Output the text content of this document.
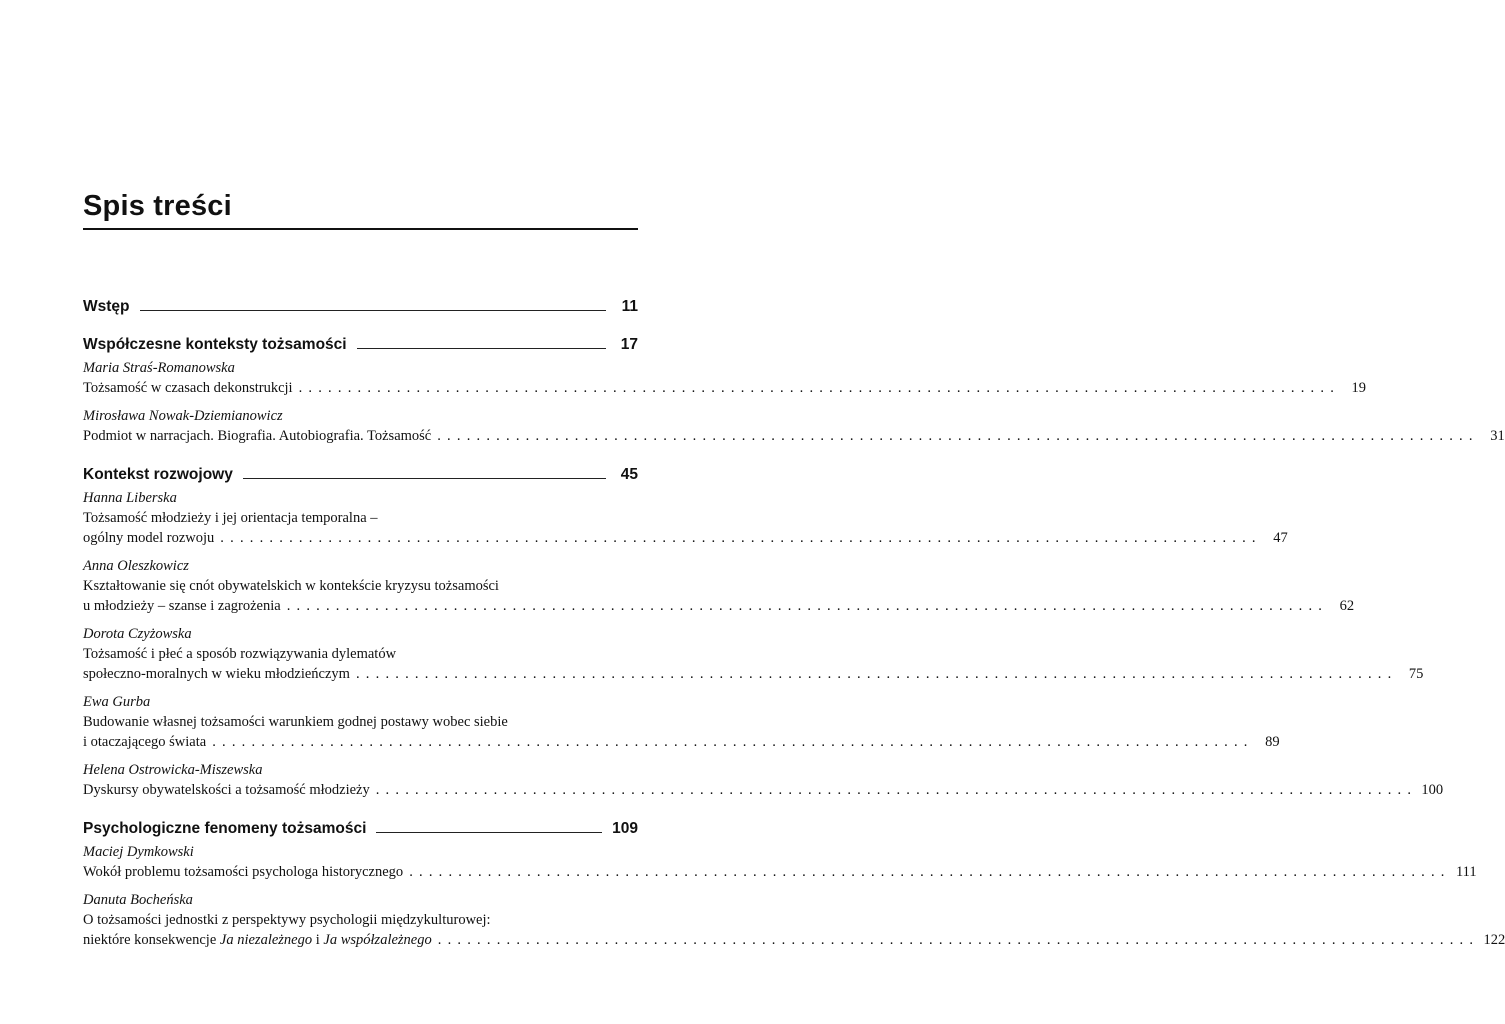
Spis treści
Wstęp	11
Współczesne konteksty tożsamości	17
Maria Straś-Romanowska
Tożsamość w czasach dekonstrukcji .......................................................................................................... 19
Mirosława Nowak-Dziemianowicz
Podmiot w narracjach. Biografia. Autobiografia. Tożsamość .......................................................................................................... 31
Kontekst rozwojowy	45
Hanna Liberska
Tożsamość młodzieży i jej orientacja temporalna –
ogólny model rozwoju .......................................................................................................... 47
Anna Oleszkowicz
Kształtowanie się cnót obywatelskich w kontekście kryzysu tożsamości
u młodzieży – szanse i zagrożenia .......................................................................................................... 62
Dorota Czyżowska
Tożsamość i płeć a sposób rozwiązywania dylematów
społeczno-moralnych w wieku młodzieńczym .......................................................................................................... 75
Ewa Gurba
Budowanie własnej tożsamości warunkiem godnej postawy wobec siebie
i otaczającego świata .......................................................................................................... 89
Helena Ostrowicka-Miszewska
Dyskursy obywatelskości a tożsamość młodzieży .......................................................................................................... 100
Psychologiczne fenomeny tożsamości	109
Maciej Dymkowski
Wokół problemu tożsamości psychologa historycznego .......................................................................................................... 111
Danuta Bocheńska
O tożsamości jednostki z perspektywy psychologii międzykulturowej:
niektóre konsekwencje Ja niezależnego i Ja współzależnego .......................................................................................................... 122
